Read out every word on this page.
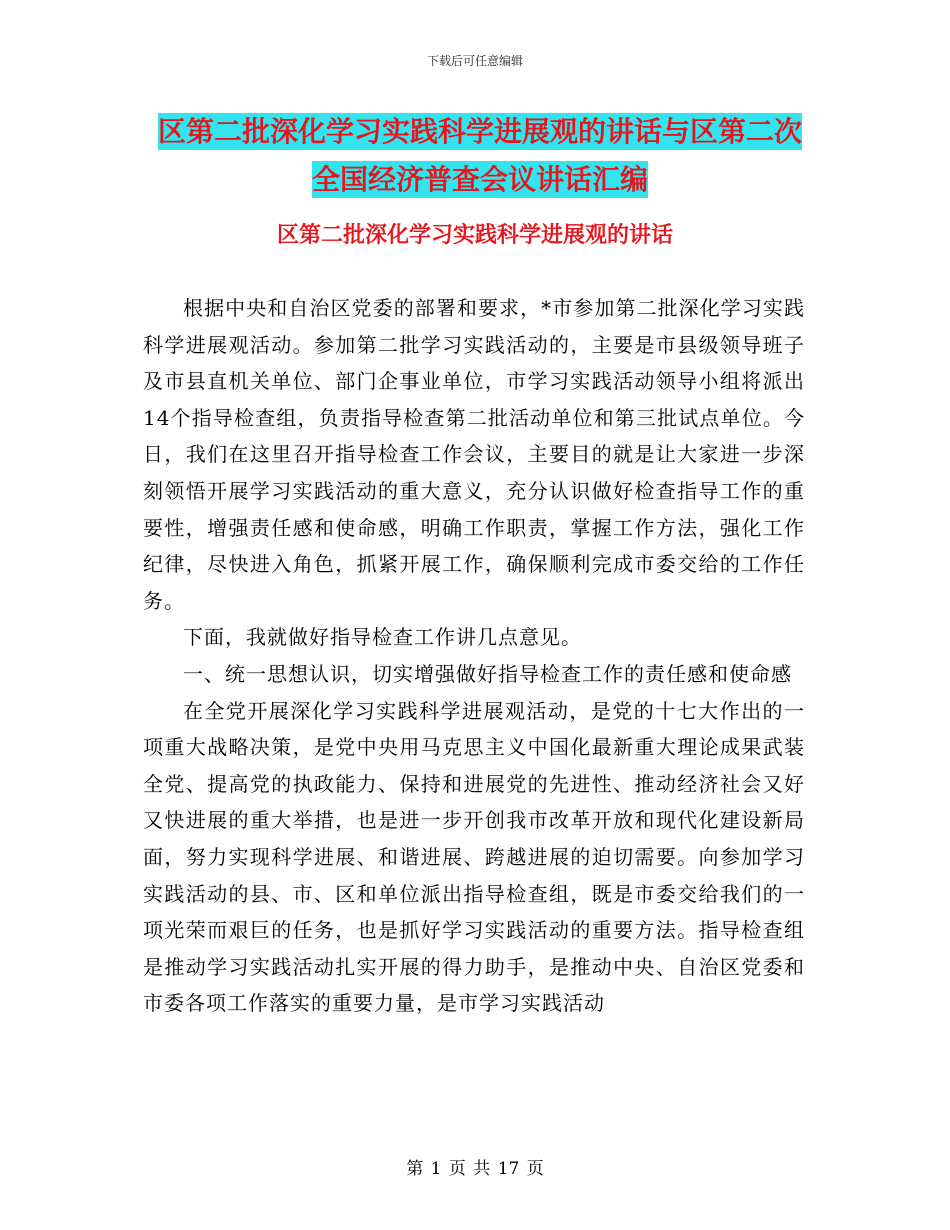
下载后可任意编辑
区第二批深化学习实践科学进展观的讲话与区第二次
全国经济普查会议讲话汇编
区第二批深化学习实践科学进展观的讲话

根据中央和自治区党委的部署和要求，*市参加第二批深化学习实践科学进展观活动。参加第二批学习实践活动的，主要是市县级领导班子及市县直机关单位、部门企事业单位，市学习实践活动领导小组将派出14个指导检查组，负责指导检查第二批活动单位和第三批试点单位。今日，我们在这里召开指导检查工作会议，主要目的就是让大家进一步深刻领悟开展学习实践活动的重大意义，充分认识做好检查指导工作的重要性，增强责任感和使命感，明确工作职责，掌握工作方法，强化工作纪律，尽快进入角色，抓紧开展工作，确保顺利完成市委交给的工作任务。

下面，我就做好指导检查工作讲几点意见。

一、统一思想认识，切实增强做好指导检查工作的责任感和使命感

在全党开展深化学习实践科学进展观活动，是党的十七大作出的一项重大战略决策，是党中央用马克思主义中国化最新重大理论成果武装全党、提高党的执政能力、保持和进展党的先进性、推动经济社会又好又快进展的重大举措，也是进一步开创我市改革开放和现代化建设新局面，努力实现科学进展、和谐进展、跨越进展的迫切需要。向参加学习实践活动的县、市、区和单位派出指导检查组，既是市委交给我们的一项光荣而艰巨的任务，也是抓好学习实践活动的重要方法。指导检查组是推动学习实践活动扎实开展的得力助手，是推动中央、自治区党委和市委各项工作落实的重要力量，是市学习实践活动

第 1 页 共 17 页
